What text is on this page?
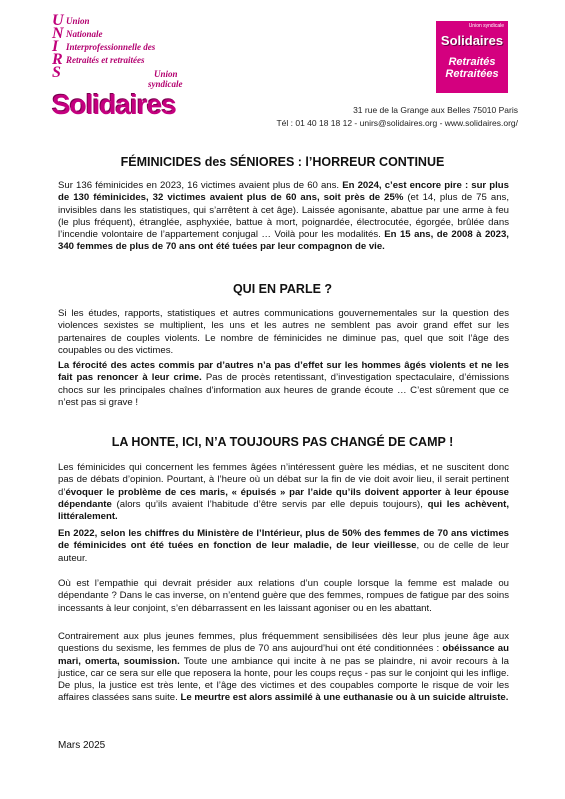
U
N
I
R
S
Union
Nationale
Interprofessionnelle des
Retraités et retraitées
Union
syndicale
Solidaires
Union syndicale
Solidaires
Retraités
Retraitées
31 rue de la Grange aux Belles 75010 Paris
Tél : 01 40 18 18 12 - unirs@solidaires.org - www.solidaires.org/
FÉMINICIDES des SÉNIORES : l’HORREUR CONTINUE
Sur 136 féminicides en 2023, 16 victimes avaient plus de 60 ans. En 2024, c’est encore pire : sur plus de 130 féminicides, 32 victimes avaient plus de 60 ans, soit près de 25% (et 14, plus de 75 ans, invisibles dans les statistiques, qui s’arrêtent à cet âge). Laissée agonisante, abattue par une arme à feu (le plus fréquent), étranglée, asphyxiée, battue à mort, poignardée, électrocutée, égorgée, brûlée dans l’incendie volontaire de l’appartement conjugal … Voilà pour les modalités. En 15 ans, de 2008 à 2023, 340 femmes de plus de 70 ans ont été tuées par leur compagnon de vie.
QUI EN PARLE ?
Si les études, rapports, statistiques et autres communications gouvernementales sur la question des violences sexistes se multiplient, les uns et les autres ne semblent pas avoir grand effet sur les partenaires de couples violents. Le nombre de féminicides ne diminue pas, quel que soit l’âge des coupables ou des victimes.
La férocité des actes commis par d’autres n’a pas d’effet sur les hommes âgés violents et ne les fait pas renoncer à leur crime. Pas de procès retentissant, d’investigation spectaculaire, d’émissions chocs sur les principales chaînes d’information aux heures de grande écoute … C’est sûrement que ce n’est pas si grave !
LA HONTE, ICI, N’A TOUJOURS PAS CHANGÉ DE CAMP !
Les féminicides qui concernent les femmes âgées n’intéressent guère les médias, et ne suscitent donc pas de débats d’opinion. Pourtant, à l’heure où un débat sur la fin de vie doit avoir lieu, il serait pertinent d’évoquer le problème de ces maris, « épuisés » par l’aide qu’ils doivent apporter à leur épouse dépendante (alors qu’ils avaient l’habitude d’être servis par elle depuis toujours), qui les achèvent, littéralement.
En 2022, selon les chiffres du Ministère de l’Intérieur, plus de 50% des femmes de 70 ans victimes de féminicides ont été tuées en fonction de leur maladie, de leur vieillesse, ou de celle de leur auteur.
Où est l’empathie qui devrait présider aux relations d’un couple lorsque la femme est malade ou dépendante ? Dans le cas inverse, on n’entend guère que des femmes, rompues de fatigue par des soins incessants à leur conjoint, s’en débarrassent en les laissant agoniser ou en les abattant.
Contrairement aux plus jeunes femmes, plus fréquemment sensibilisées dès leur plus jeune âge aux questions du sexisme, les femmes de plus de 70 ans aujourd’hui ont été conditionnées : obéissance au mari, omerta, soumission. Toute une ambiance qui incite à ne pas se plaindre, ni avoir recours à la justice, car ce sera sur elle que reposera la honte, pour les coups reçus - pas sur le conjoint qui les inflige. De plus, la justice est très lente, et l’âge des victimes et des coupables comporte le risque de voir les affaires classées sans suite. Le meurtre est alors assimilé à une euthanasie ou à un suicide altruiste.
Mars 2025
